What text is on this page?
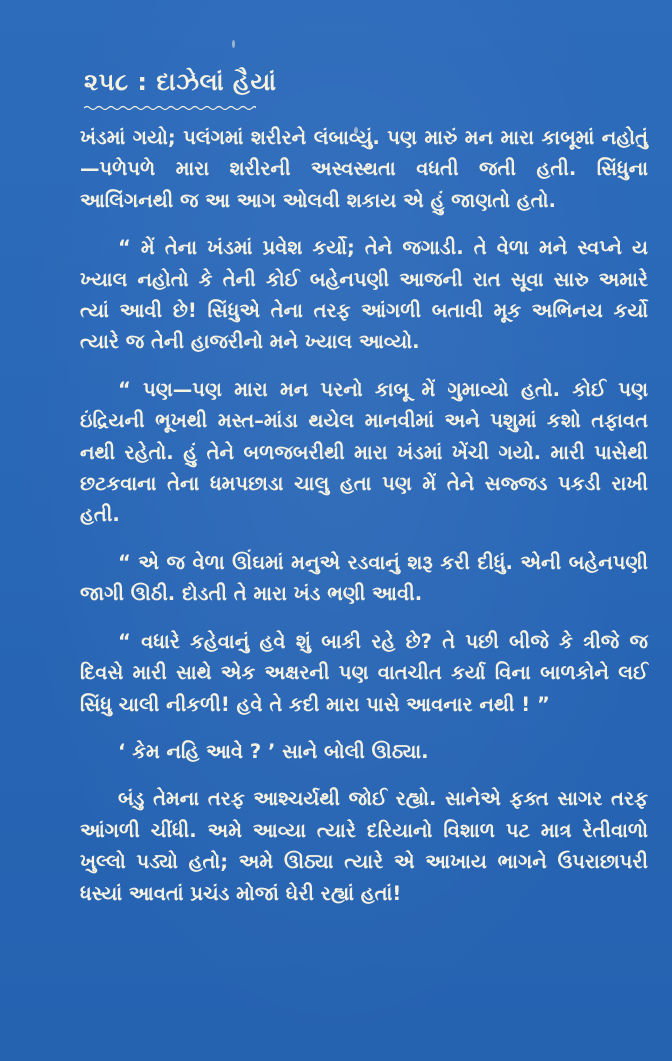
૨૫૮ : દાઝેલાં હૈયાં

ખંડમાં ગયો; પલંગમાં શરીરને લંબાવ્યું. પણ મારું મન મારા કાબૂમાં નહોતું—પળેપળે મારા શરીરની અસ્વસ્થતા વધતી જતી હતી. સિંધુના આલિંગનથી જ આ આગ ઓલવી શકાય એ હું જાણતો હતો.

“ મેં તેના ખંડમાં પ્રવેશ કર્યો; તેને જગાડી. તે વેળા મને સ્વપ્ને ય ખ્યાલ નહોતો કે તેની કોઈ બહેનપણી આજની રાત સૂવા સારુ અમારે ત્યાં આવી છે! સિંધુએ તેના તરફ આંગળી બતાવી મૂક અભિનય કર્યો ત્યારે જ તેની હાજરીનો મને ખ્યાલ આવ્યો.

“ પણ—પણ મારા મન પરનો કાબૂ મેં ગુમાવ્યો હતો. કોઈ પણ ઇંદ્રિયની ભૂખથી મસ્ત–માંડા થયેલ માનવીમાં અને પશુમાં કશો તફાવત નથી રહેતો. હું તેને બળજબરીથી મારા ખંડમાં ખેંચી ગયો. મારી પાસેથી છટકવાના તેના ધમપછાડા ચાલુ હતા પણ મેં તેને સજ્જડ પકડી રાખી હતી.

“ એ જ વેળા ઊંઘમાં મનુએ રડવાનું શરૂ કરી દીધું. એની બહેનપણી જાગી ઊઠી. દોડતી તે મારા ખંડ ભણી આવી.

“ વધારે કહેવાનું હવે શું બાકી રહે છે? તે પછી બીજે કે ત્રીજે જ દિવસે મારી સાથે એક અક્ષરની પણ વાતચીત કર્યા વિના બાળકોને લઈ સિંધુ ચાલી નીકળી! હવે તે કદી મારા પાસે આવનાર નથી ! ”

‘ કેમ નહિ આવે ? ’ સાને બોલી ઊઠ્યા.

બંડુ તેમના તરફ આશ્ચર્યથી જોઈ રહ્યો. સાનેએ ફક્ત સાગર તરફ આંગળી ચીંધી. અમે આવ્યા ત્યારે દરિયાનો વિશાળ પટ માત્ર રેતીવાળો ખુલ્લો પડ્યો હતો; અમે ઊઠ્યા ત્યારે એ આખાય ભાગને ઉપરાછાપરી ધસ્યાં આવતાં પ્રચંડ મોજાં ઘેરી રહ્યાં હતાં!
